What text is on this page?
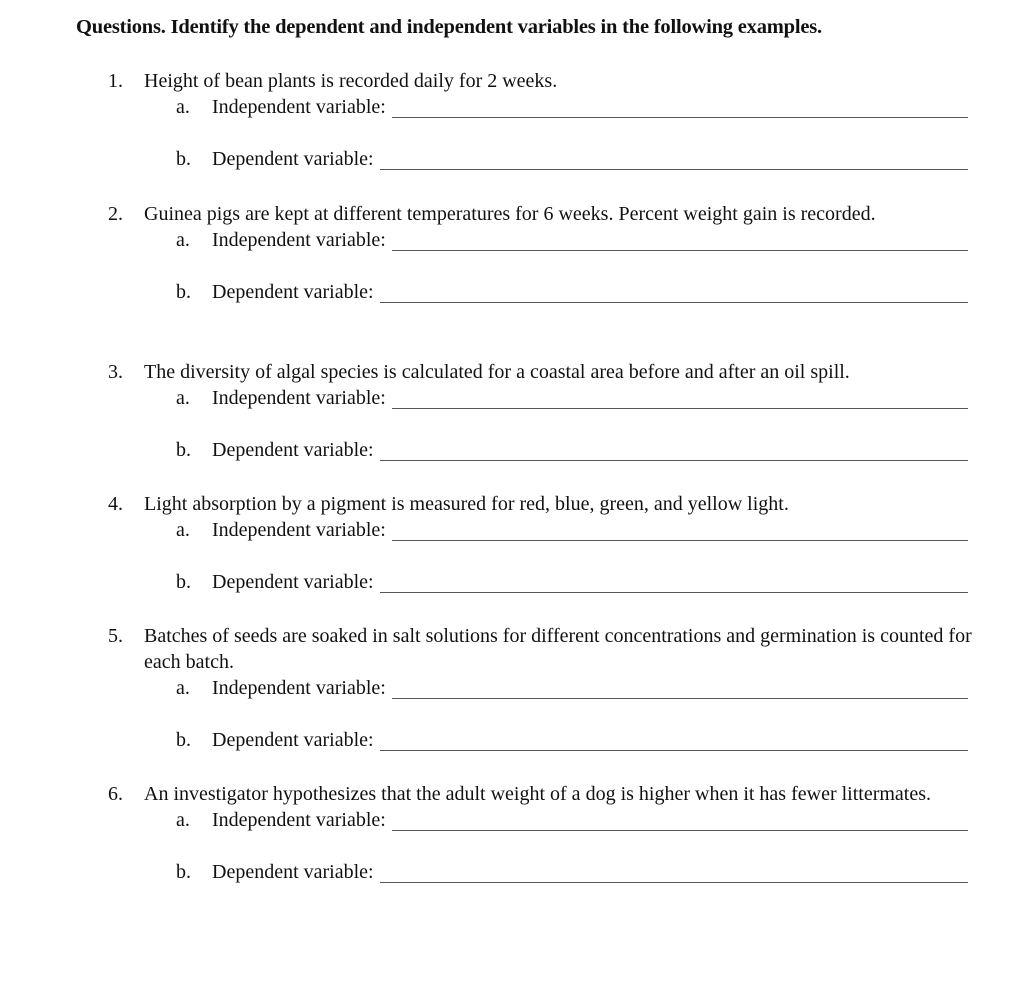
Questions. Identify the dependent and independent variables in the following examples.
1.	Height of bean plants is recorded daily for 2 weeks.
a.	Independent variable:
b.	Dependent variable:
2.	Guinea pigs are kept at different temperatures for 6 weeks. Percent weight gain is recorded.
a.	Independent variable:
b.	Dependent variable:
3.	The diversity of algal species is calculated for a coastal area before and after an oil spill.
a.	Independent variable:
b.	Dependent variable:
4.	Light absorption by a pigment is measured for red, blue, green, and yellow light.
a.	Independent variable:
b.	Dependent variable:
5.	Batches of seeds are soaked in salt solutions for different concentrations and germination is counted for each batch.
a.	Independent variable:
b.	Dependent variable:
6.	An investigator hypothesizes that the adult weight of a dog is higher when it has fewer littermates.
a.	Independent variable:
b.	Dependent variable:
